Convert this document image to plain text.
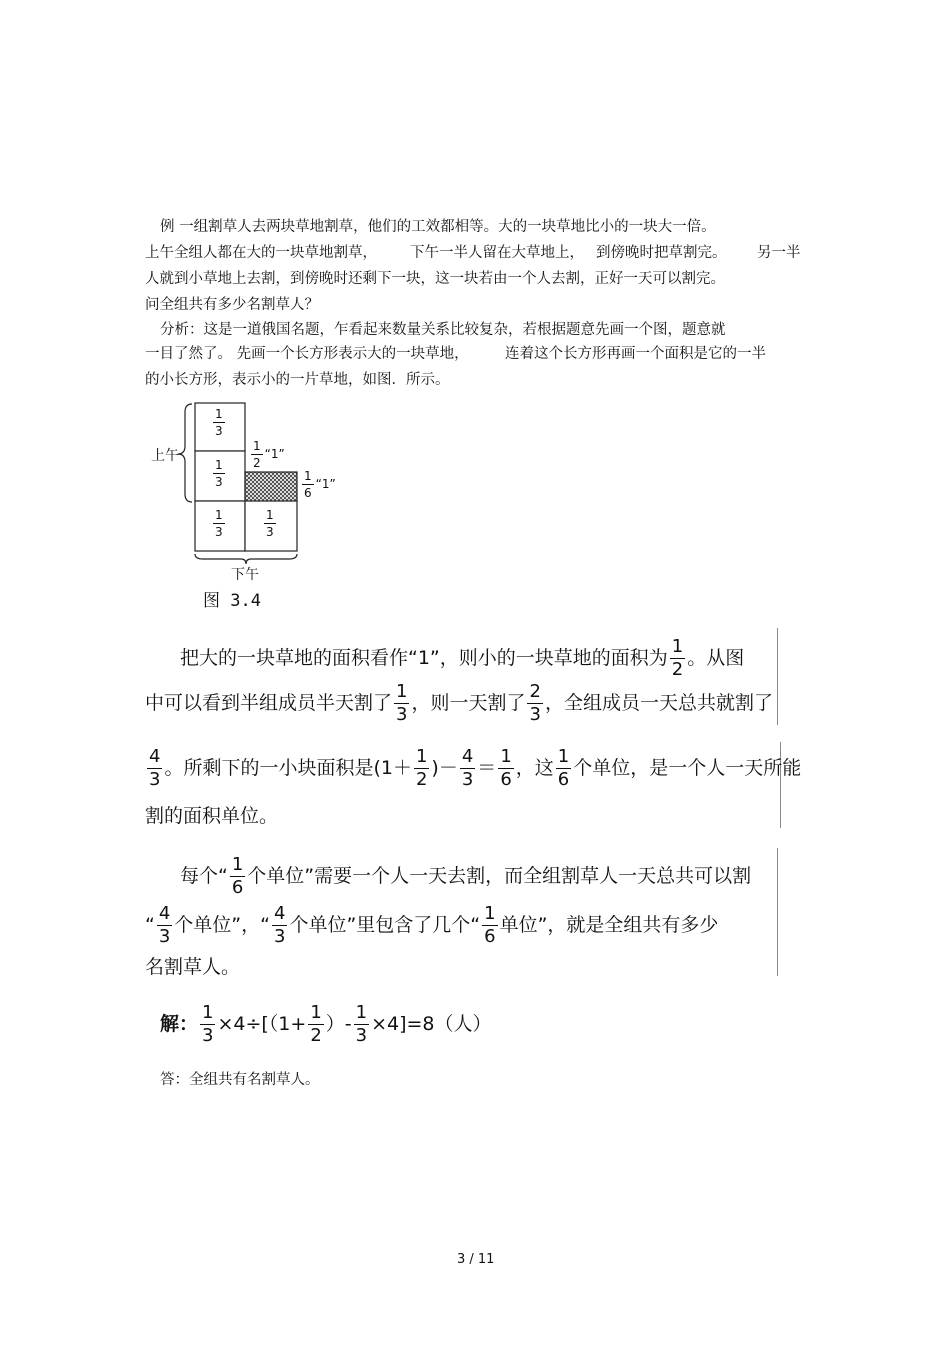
例 一组割草人去两块草地割草，他们的工效都相等。大的一块草地比小的一块大一倍。
上午全组人都在大的一块草地割草， 下午一半人留在大草地上， 到傍晚时把草割完。 另一半
人就到小草地上去割，到傍晚时还剩下一块，这一块若由一个人去割，正好一天可以割完。
问全组共有多少名割草人？
分析：这是一道俄国名题，乍看起来数量关系比较复杂，若根据题意先画一个图，题意就
一目了然了。 先画一个长方形表示大的一块草地，	连着这个长方形再画一个面积是它的一半
的小长方形，表示小的一片草地，如图．所示。
上午
下午
$\frac{1}{3}$
$\frac{1}{3}$
$\frac{1}{3}$	$\frac{1}{3}$
$\frac{1}{2}$ “1”
$\frac{1}{6}$ “1”
图 3.4
把大的一块草地的面积看作“1”，则小的一块草地的面积为 $\frac{1}{2}$ 。从图
中可以看到半组成员半天割了 $\frac{1}{3}$ ，则一天割了 $\frac{2}{3}$ ，全组成员一天总共就割了
$\frac{4}{3}$ 。所剩下的一小块面积是($1+ \frac{1}{2}$ )－ $\frac{4}{3} = \frac{1}{6}$ ，这 $\frac{1}{6}$ 个单位，是一个人一天所能
割的面积单位。
每个“ $\frac{1}{6}$ 个单位”需要一个人一天去割，而全组割草人一天总共可以割
“ $\frac{4}{3}$ 个单位”，“ $\frac{4}{3}$ 个单位”里包含了几个“ $\frac{1}{6}$ 单位”，就是全组共有多少
名割草人。
解： $\frac{1}{3} \times 4\div[(1+ \frac{1}{2}$ ）- $\frac{1}{3} \times 4]=8$（人）
答：全组共有名割草人。
3 / 11
